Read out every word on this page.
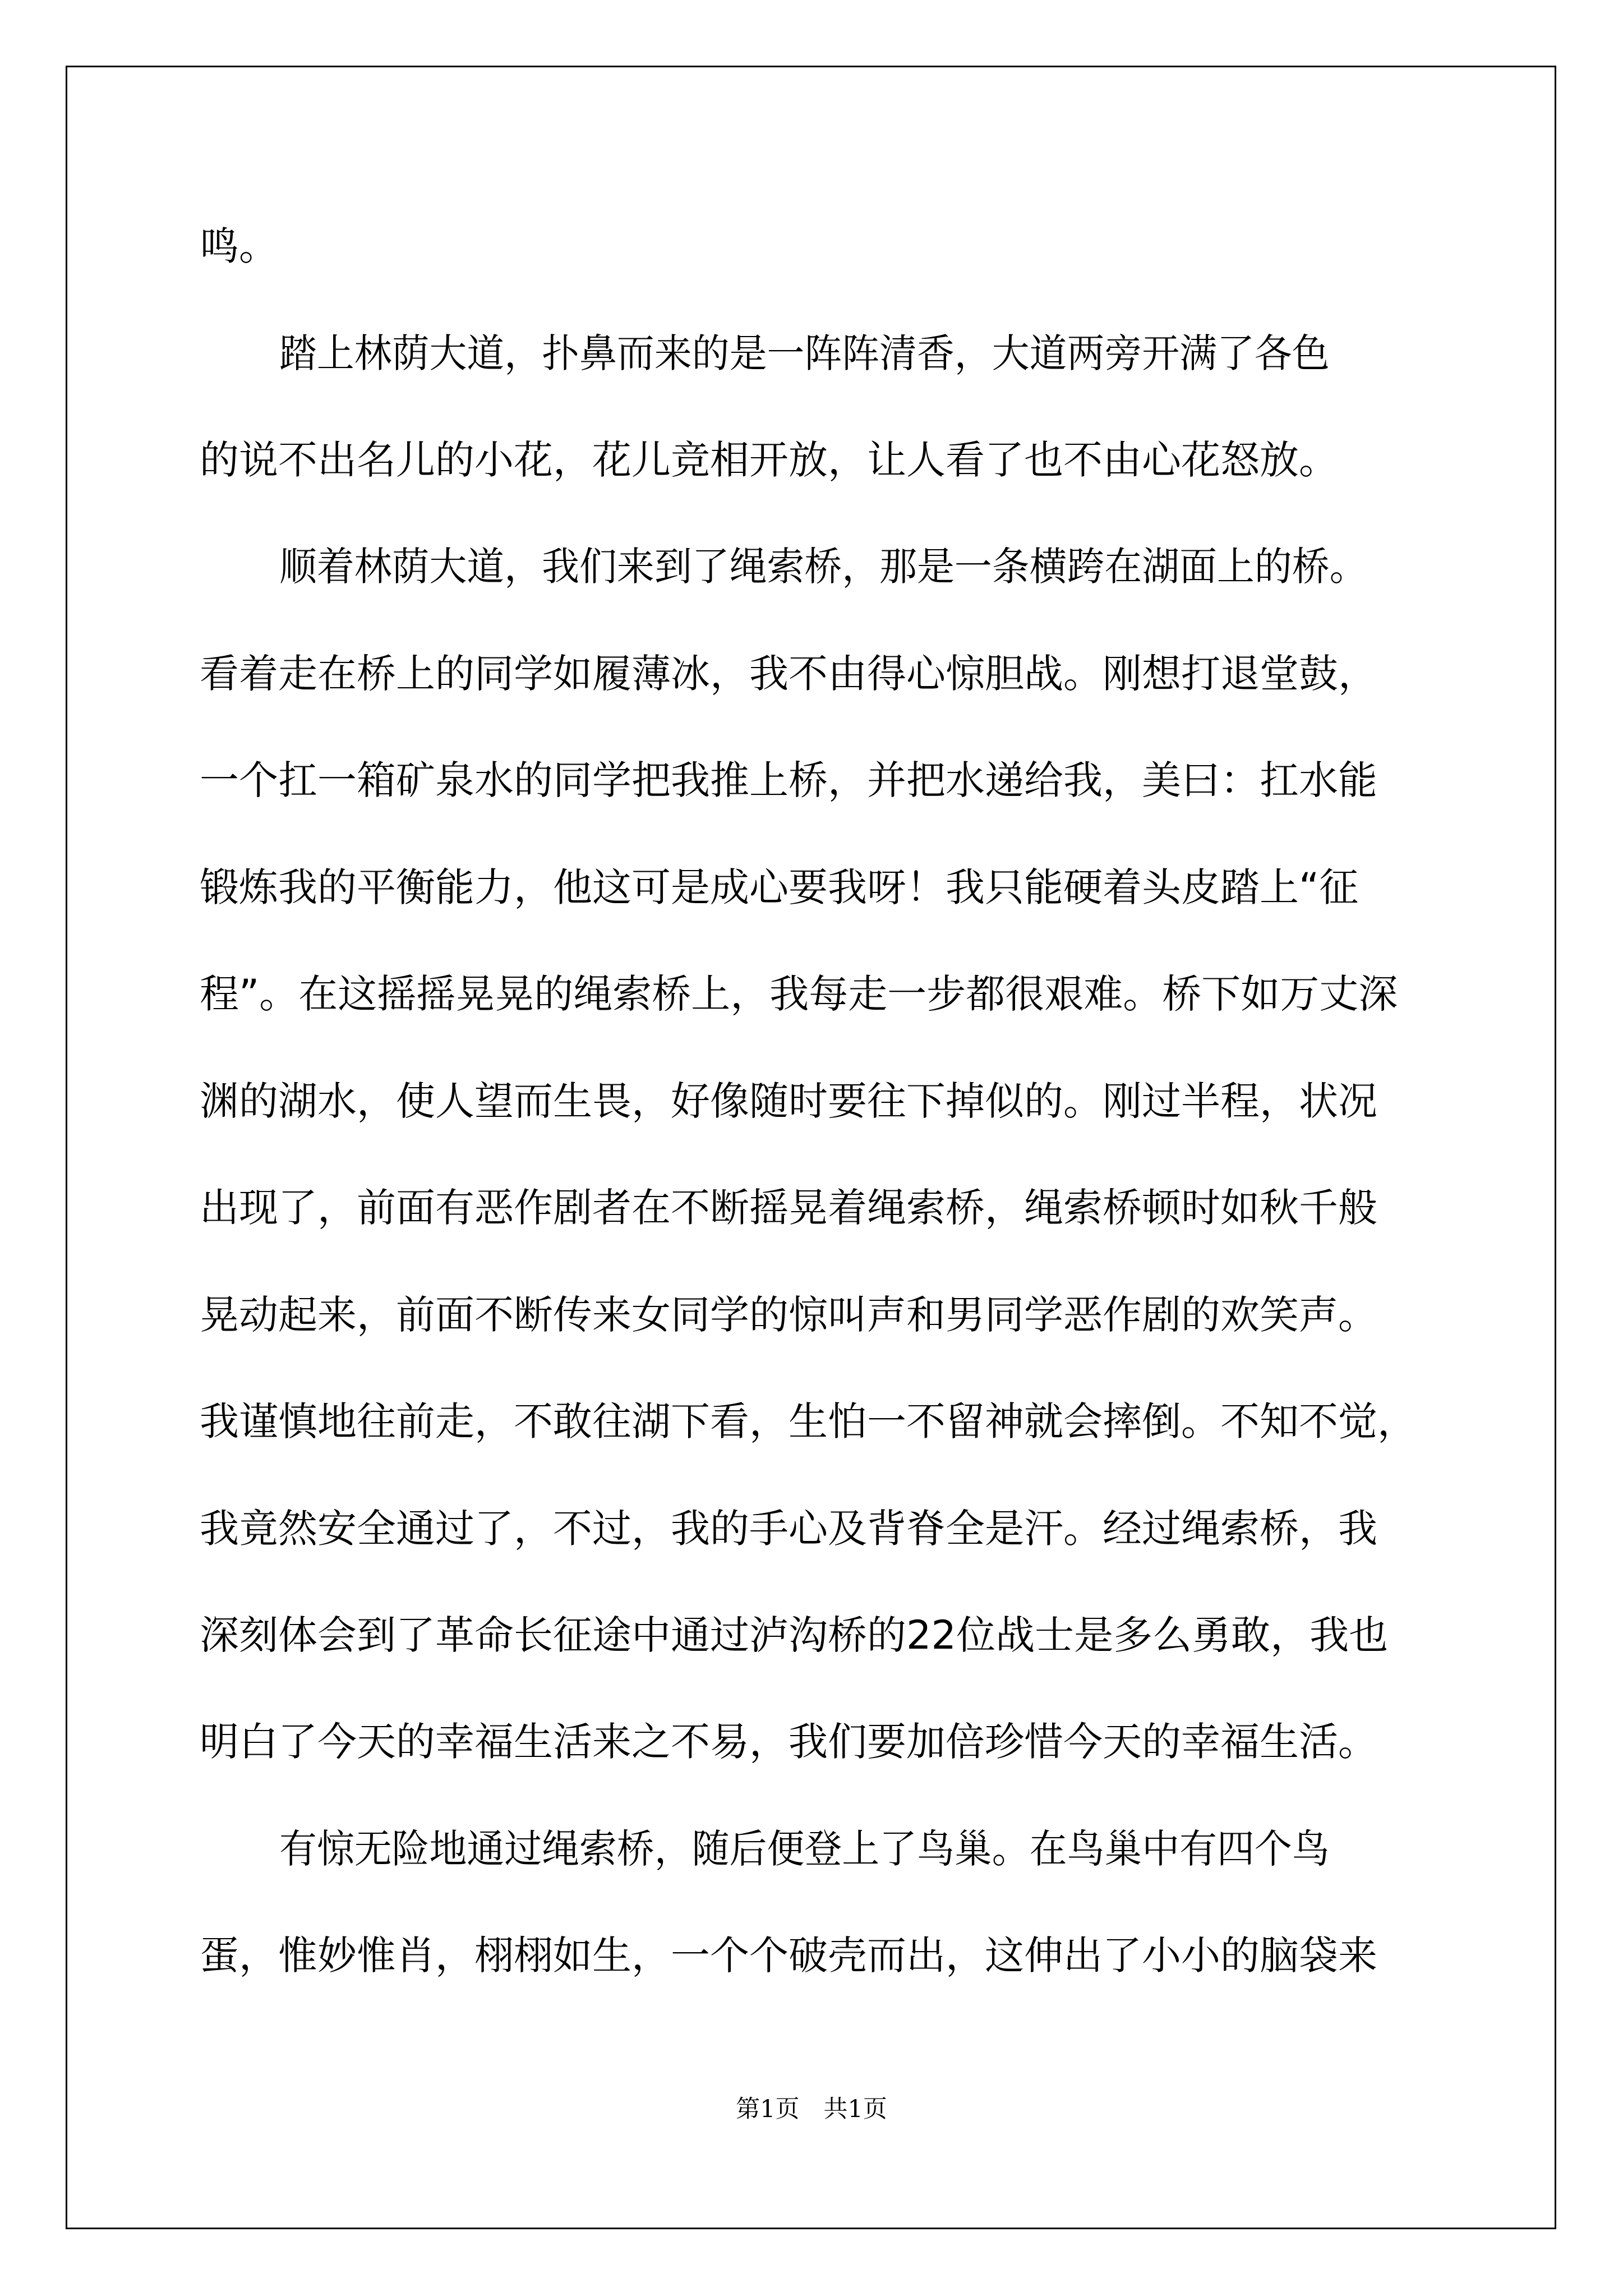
鸣。
踏上林荫大道，扑鼻而来的是一阵阵清香，大道两旁开满了各色
的说不出名儿的小花，花儿竞相开放，让人看了也不由心花怒放。
顺着林荫大道，我们来到了绳索桥，那是一条横跨在湖面上的桥。
看着走在桥上的同学如履薄冰，我不由得心惊胆战。刚想打退堂鼓，
一个扛一箱矿泉水的同学把我推上桥，并把水递给我，美曰：扛水能
锻炼我的平衡能力，他这可是成心要我呀！我只能硬着头皮踏上“征
程”。在这摇摇晃晃的绳索桥上，我每走一步都很艰难。桥下如万丈深
渊的湖水，使人望而生畏，好像随时要往下掉似的。刚过半程，状况
出现了，前面有恶作剧者在不断摇晃着绳索桥，绳索桥顿时如秋千般
晃动起来，前面不断传来女同学的惊叫声和男同学恶作剧的欢笑声。
我谨慎地往前走，不敢往湖下看，生怕一不留神就会摔倒。不知不觉，
我竟然安全通过了，不过，我的手心及背脊全是汗。经过绳索桥，我
深刻体会到了革命长征途中通过泸沟桥的22位战士是多么勇敢，我也
明白了今天的幸福生活来之不易，我们要加倍珍惜今天的幸福生活。
有惊无险地通过绳索桥，随后便登上了鸟巢。在鸟巢中有四个鸟
蛋，惟妙惟肖，栩栩如生，一个个破壳而出，这伸出了小小的脑袋来
第1页　共1页
